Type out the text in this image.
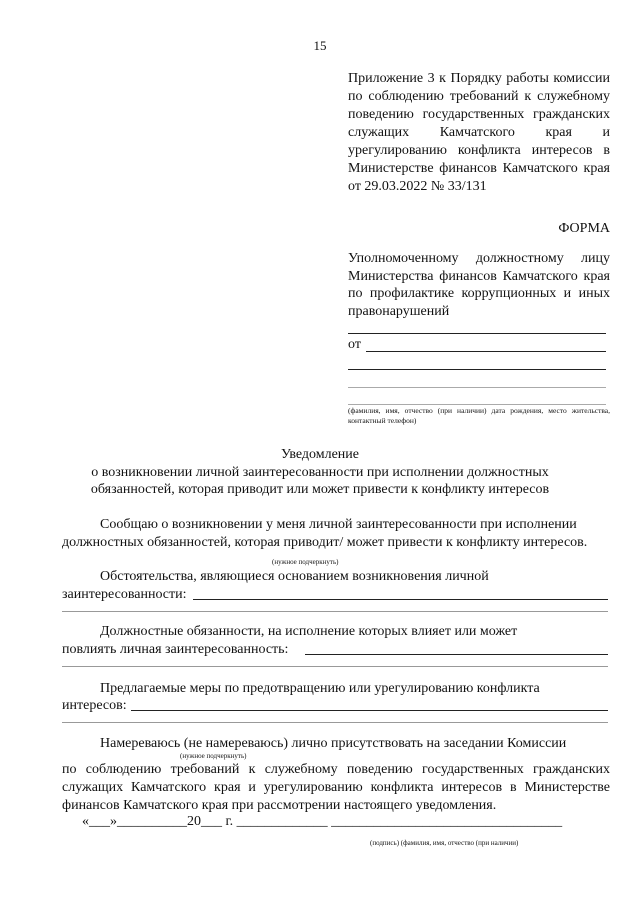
15
Приложение 3 к Порядку работы комиссии по соблюдению требований к служебному поведению государственных гражданских служащих Камчатского края и урегулированию конфликта интересов в Министерстве финансов Камчатского края от 29.03.2022 № 33/131
ФОРМА
Уполномоченному должностному лицу Министерства финансов Камчатского края по профилактике коррупционных и иных правонарушений
от
(фамилия, имя, отчество (при наличии) дата рождения, место жительства, контактный телефон)
Уведомление
о возникновении личной заинтересованности при исполнении должностных
обязанностей, которая приводит или может привести к конфликту интересов
Сообщаю о возникновении у меня личной заинтересованности при исполнении должностных обязанностей, которая приводит/ может привести к конфликту интересов.
(нужное подчеркнуть)
Обстоятельства, являющиеся основанием возникновения личной
заинтересованности:
Должностные обязанности, на исполнение которых влияет или может
повлиять личная заинтересованность:
Предлагаемые меры по предотвращению или урегулированию конфликта
интересов:
Намереваюсь (не намереваюсь) лично присутствовать на заседании Комиссии
(нужное подчеркнуть)
по соблюдению требований к служебному поведению государственных гражданских служащих Камчатского края и урегулированию конфликта интересов в Министерстве финансов Камчатского края при рассмотрении настоящего уведомления.
«___»__________20___ г. _____________ _________________________________
(подпись) (фамилия, имя, отчество (при наличии)
